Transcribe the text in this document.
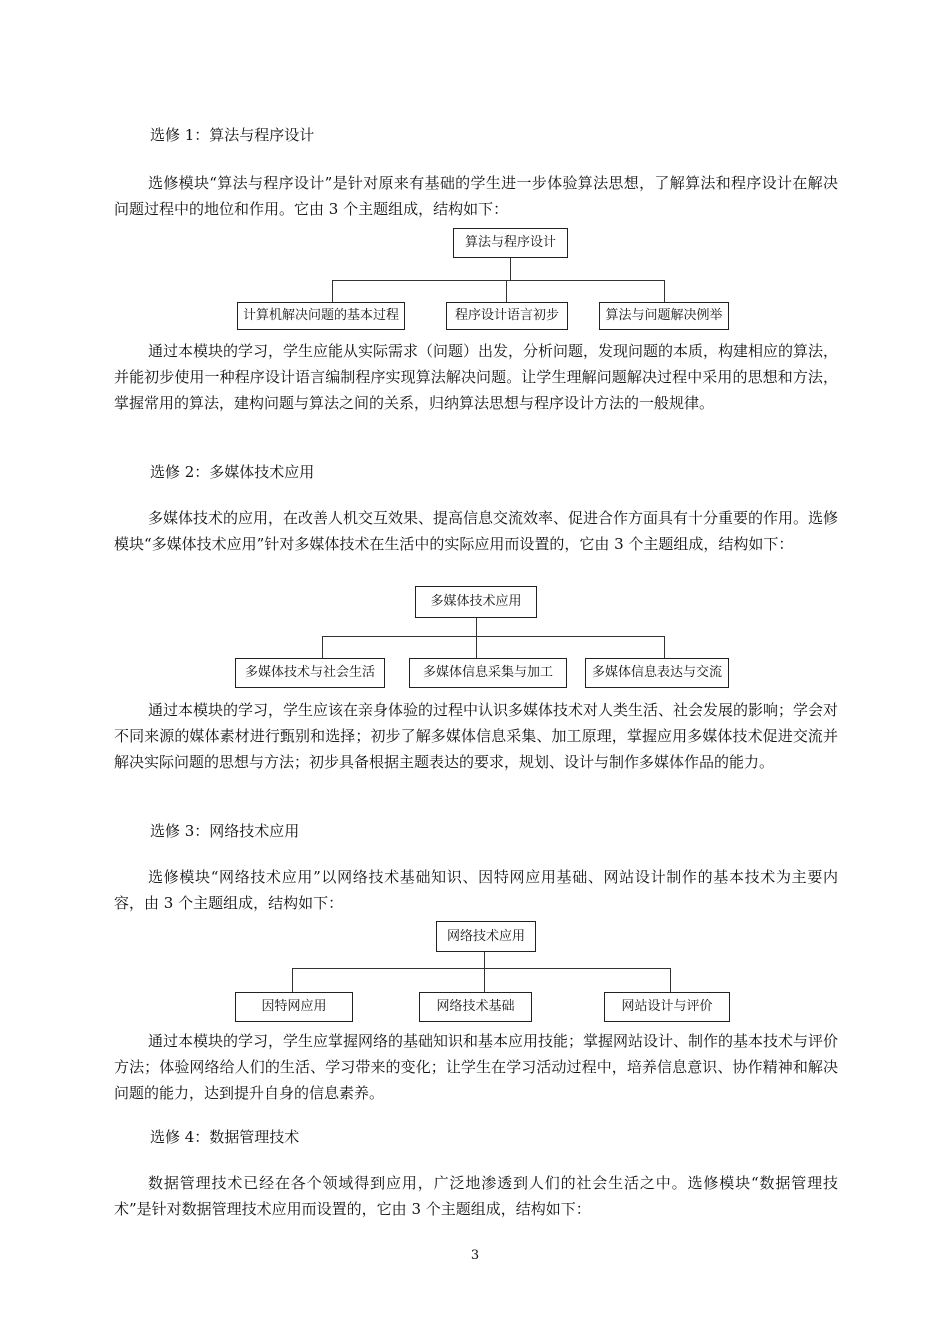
选修 1：算法与程序设计

选修模块“算法与程序设计”是针对原来有基础的学生进一步体验算法思想，了解算法和程序设计在解决问题过程中的地位和作用。它由 3 个主题组成，结构如下：

算法与程序设计
计算机解决问题的基本过程	程序设计语言初步	算法与问题解决例举

通过本模块的学习，学生应能从实际需求（问题）出发，分析问题，发现问题的本质，构建相应的算法，并能初步使用一种程序设计语言编制程序实现算法解决问题。让学生理解问题解决过程中采用的思想和方法，掌握常用的算法，建构问题与算法之间的关系，归纳算法思想与程序设计方法的一般规律。

选修 2：多媒体技术应用

多媒体技术的应用，在改善人机交互效果、提高信息交流效率、促进合作方面具有十分重要的作用。选修模块“多媒体技术应用”针对多媒体技术在生活中的实际应用而设置的，它由 3 个主题组成，结构如下：

多媒体技术应用
多媒体技术与社会生活	多媒体信息采集与加工	多媒体信息表达与交流

通过本模块的学习，学生应该在亲身体验的过程中认识多媒体技术对人类生活、社会发展的影响；学会对不同来源的媒体素材进行甄别和选择；初步了解多媒体信息采集、加工原理，掌握应用多媒体技术促进交流并解决实际问题的思想与方法；初步具备根据主题表达的要求，规划、设计与制作多媒体作品的能力。

选修 3：网络技术应用

选修模块“网络技术应用”以网络技术基础知识、因特网应用基础、网站设计制作的基本技术为主要内容，由 3 个主题组成，结构如下：

网络技术应用
因特网应用	网络技术基础	网站设计与评价

通过本模块的学习，学生应掌握网络的基础知识和基本应用技能；掌握网站设计、制作的基本技术与评价方法；体验网络给人们的生活、学习带来的变化；让学生在学习活动过程中，培养信息意识、协作精神和解决问题的能力，达到提升自身的信息素养。

选修 4：数据管理技术

数据管理技术已经在各个领域得到应用，广泛地渗透到人们的社会生活之中。选修模块“数据管理技术”是针对数据管理技术应用而设置的，它由 3 个主题组成，结构如下：

3
